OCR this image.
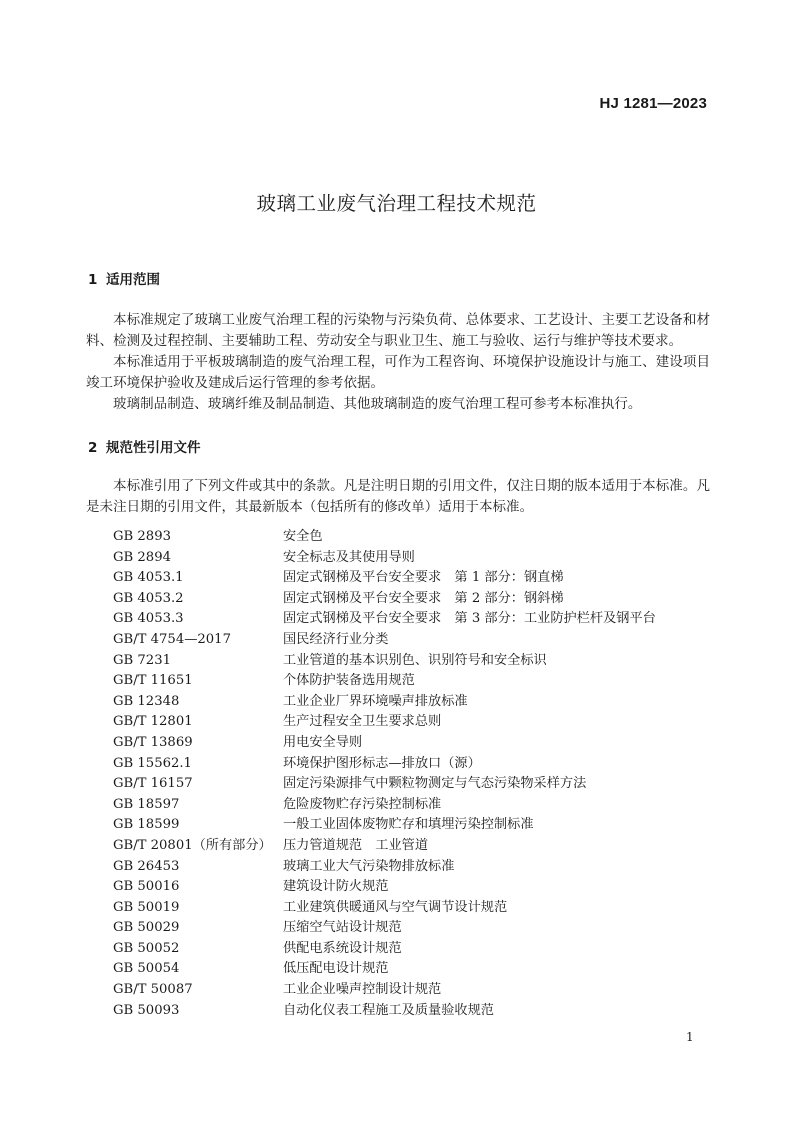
HJ 1281—2023
玻璃工业废气治理工程技术规范
1 适用范围
本标准规定了玻璃工业废气治理工程的污染物与污染负荷、总体要求、工艺设计、主要工艺设备和材料、检测及过程控制、主要辅助工程、劳动安全与职业卫生、施工与验收、运行与维护等技术要求。
本标准适用于平板玻璃制造的废气治理工程，可作为工程咨询、环境保护设施设计与施工、建设项目竣工环境保护验收及建成后运行管理的参考依据。
玻璃制品制造、玻璃纤维及制品制造、其他玻璃制造的废气治理工程可参考本标准执行。
2 规范性引用文件
本标准引用了下列文件或其中的条款。凡是注明日期的引用文件，仅注日期的版本适用于本标准。凡是未注日期的引用文件，其最新版本（包括所有的修改单）适用于本标准。
GB 2893	安全色
GB 2894	安全标志及其使用导则
GB 4053.1	固定式钢梯及平台安全要求　第 1 部分：钢直梯
GB 4053.2	固定式钢梯及平台安全要求　第 2 部分：钢斜梯
GB 4053.3	固定式钢梯及平台安全要求　第 3 部分：工业防护栏杆及钢平台
GB/T 4754—2017	国民经济行业分类
GB 7231	工业管道的基本识别色、识别符号和安全标识
GB/T 11651	个体防护装备选用规范
GB 12348	工业企业厂界环境噪声排放标准
GB/T 12801	生产过程安全卫生要求总则
GB/T 13869	用电安全导则
GB 15562.1	环境保护图形标志—排放口（源）
GB/T 16157	固定污染源排气中颗粒物测定与气态污染物采样方法
GB 18597	危险废物贮存污染控制标准
GB 18599	一般工业固体废物贮存和填埋污染控制标准
GB/T 20801（所有部分） 压力管道规范　工业管道
GB 26453	玻璃工业大气污染物排放标准
GB 50016	建筑设计防火规范
GB 50019	工业建筑供暖通风与空气调节设计规范
GB 50029	压缩空气站设计规范
GB 50052	供配电系统设计规范
GB 50054	低压配电设计规范
GB/T 50087	工业企业噪声控制设计规范
GB 50093	自动化仪表工程施工及质量验收规范
1
